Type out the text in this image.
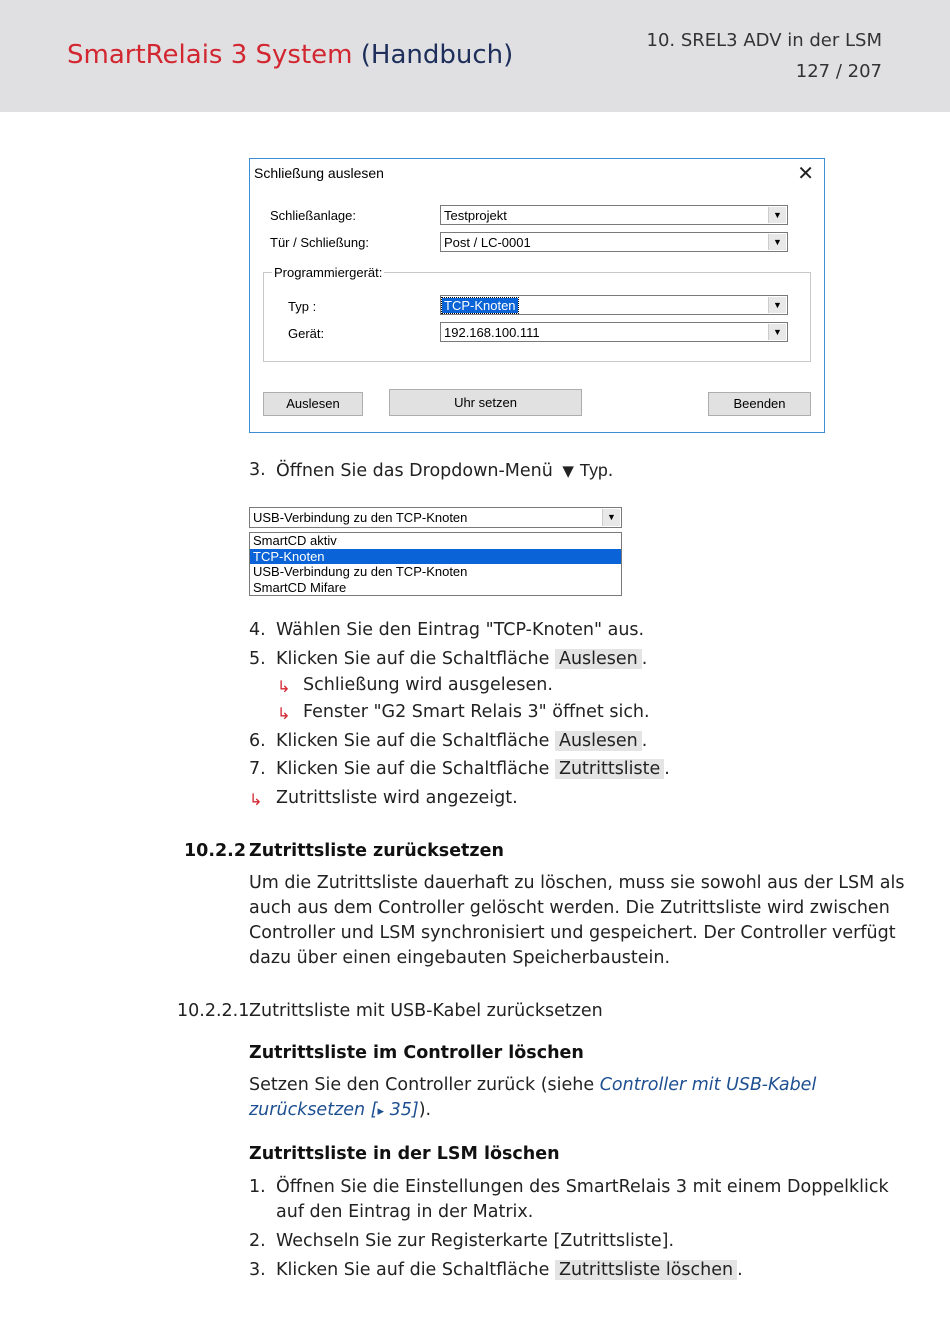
SmartRelais 3 System (Handbuch)	10. SREL3 ADV in der LSM
127 / 207
Schließung auslesen	✕
Schließanlage:	Testprojekt	▼
Tür / Schließung:	Post / LC-0001	▼
Programmiergerät:
Typ :	TCP-Knoten	▼
Gerät:	192.168.100.111	▼
Auslesen	Uhr setzen	Beenden
3. Öffnen Sie das Dropdown-Menü ▼ Typ.
USB-Verbindung zu den TCP-Knoten	▼
SmartCD aktiv
TCP-Knoten
USB-Verbindung zu den TCP-Knoten
SmartCD Mifare
4. Wählen Sie den Eintrag "TCP-Knoten" aus.
5. Klicken Sie auf die Schaltfläche Auslesen .
↳ Schließung wird ausgelesen.
↳ Fenster "G2 Smart Relais 3" öffnet sich.
6. Klicken Sie auf die Schaltfläche Auslesen .
7. Klicken Sie auf die Schaltfläche Zutrittsliste .
↳ Zutrittsliste wird angezeigt.
10.2.2 Zutrittsliste zurücksetzen
Um die Zutrittsliste dauerhaft zu löschen, muss sie sowohl aus der LSM als
auch aus dem Controller gelöscht werden. Die Zutrittsliste wird zwischen
Controller und LSM synchronisiert und gespeichert. Der Controller verfügt
dazu über einen eingebauten Speicherbaustein.
10.2.2.1 Zutrittsliste mit USB-Kabel zurücksetzen
Zutrittsliste im Controller löschen
Setzen Sie den Controller zurück (siehe Controller mit USB-Kabel
zurücksetzen [▸ 35]).
Zutrittsliste in der LSM löschen
1. Öffnen Sie die Einstellungen des SmartRelais 3 mit einem Doppelklick
auf den Eintrag in der Matrix.
2. Wechseln Sie zur Registerkarte [Zutrittsliste].
3. Klicken Sie auf die Schaltfläche Zutrittsliste löschen .
